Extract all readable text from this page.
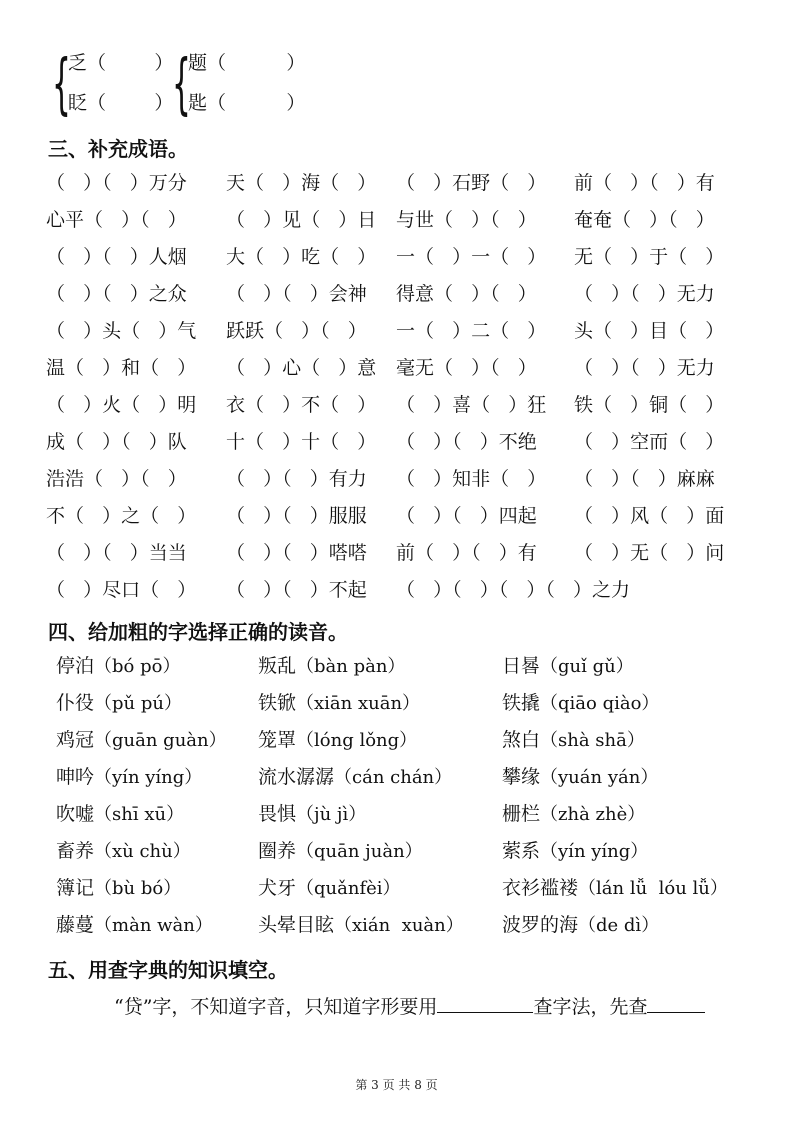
{
乏（        ）
眨（        ）
{
题（          ）
匙（          ）
三、补充成语。
（   ）（   ）万分 天（   ）海（   ） （   ）石野（   ） 前（   ）（   ）有
心平（   ）（   ） （   ）见（   ）日 与世（   ）（   ） 奄奄（   ）（   ）
（   ）（   ）人烟 大（   ）吃（   ） 一（   ）一（   ） 无（   ）于（   ）
（   ）（   ）之众 （   ）（   ）会神 得意（   ）（   ） （   ）（   ）无力
（   ）头（   ）气 跃跃（   ）（   ） 一（   ）二（   ） 头（   ）目（   ）
温（   ）和（   ） （   ）心（   ）意 毫无（   ）（   ） （   ）（   ）无力
（   ）火（   ）明 衣（   ）不（   ） （   ）喜（   ）狂 铁（   ）铜（   ）
成（   ）（   ）队 十（   ）十（   ） （   ）（   ）不绝 （   ）空而（   ）
浩浩（   ）（   ） （   ）（   ）有力 （   ）知非（   ） （   ）（   ）麻麻
不（   ）之（   ） （   ）（   ）服服 （   ）（   ）四起 （   ）风（   ）面
（   ）（   ）当当 （   ）（   ）嗒嗒 前（   ）（   ）有 （   ）无（   ）问
（   ）尽口（   ） （   ）（   ）不起 （   ）（   ）（   ）（   ）之力
四、给加粗的字选择正确的读音。
停泊（bó pō）	叛乱（bàn pàn）	日晷（guǐ gǔ）
仆役（pǔ pú）	铁锨（xiān xuān）	铁撬（qiāo qiào）
鸡冠（guān guàn） 笼罩（lóng lǒng）	煞白（shà shā）
呻吟（yín yíng）	流水潺潺（cán chán）	攀缘（yuán yán）
吹嘘（shī xū）	畏惧（jù jì）	栅栏（zhà zhè）
畜养（xù chù）	圈养（quān juàn）	萦系（yín yíng）
簿记（bù bó）	犬牙（quǎnfèi）	衣衫褴褛（lán lǚ  lóu lǚ）
藤蔓（màn wàn） 头晕目眩（xián  xuàn） 波罗的海（de dì）
五、用查字典的知识填空。
“贷”字，不知道字音，只知道字形要用	查字法，先查
第 3 页 共 8 页
